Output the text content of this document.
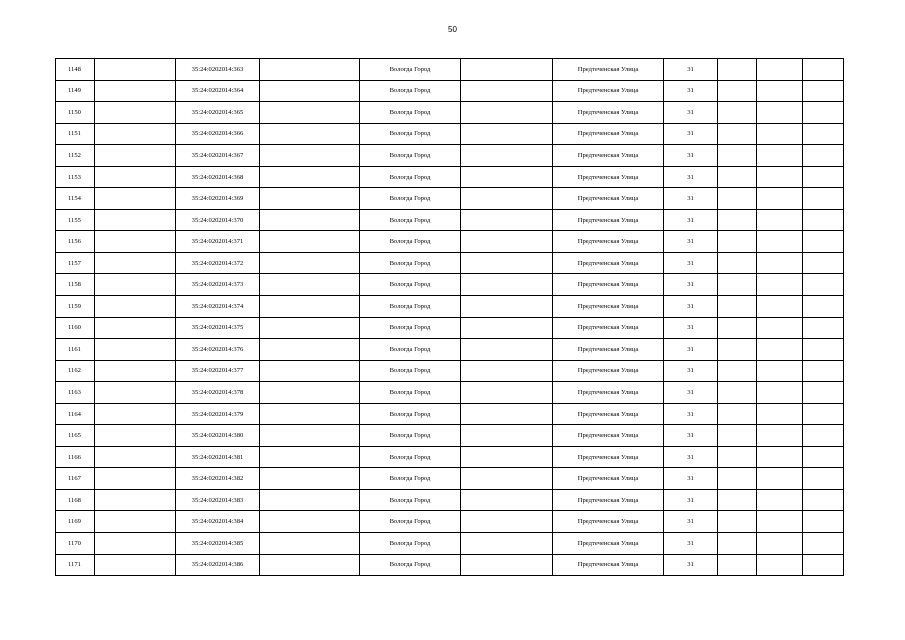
50
1148		35:24:0202014:363		Вологда Город		Предтеченская Улица	31			
1149		35:24:0202014:364		Вологда Город		Предтеченская Улица	31			
1150		35:24:0202014:365		Вологда Город		Предтеченская Улица	31			
1151		35:24:0202014:366		Вологда Город		Предтеченская Улица	31			
1152		35:24:0202014:367		Вологда Город		Предтеченская Улица	31			
1153		35:24:0202014:368		Вологда Город		Предтеченская Улица	31			
1154		35:24:0202014:369		Вологда Город		Предтеченская Улица	31			
1155		35:24:0202014:370		Вологда Город		Предтеченская Улица	31			
1156		35:24:0202014:371		Вологда Город		Предтеченская Улица	31			
1157		35:24:0202014:372		Вологда Город		Предтеченская Улица	31			
1158		35:24:0202014:373		Вологда Город		Предтеченская Улица	31			
1159		35:24:0202014:374		Вологда Город		Предтеченская Улица	31			
1160		35:24:0202014:375		Вологда Город		Предтеченская Улица	31			
1161		35:24:0202014:376		Вологда Город		Предтеченская Улица	31			
1162		35:24:0202014:377		Вологда Город		Предтеченская Улица	31			
1163		35:24:0202014:378		Вологда Город		Предтеченская Улица	31			
1164		35:24:0202014:379		Вологда Город		Предтеченская Улица	31			
1165		35:24:0202014:380		Вологда Город		Предтеченская Улица	31			
1166		35:24:0202014:381		Вологда Город		Предтеченская Улица	31			
1167		35:24:0202014:382		Вологда Город		Предтеченская Улица	31			
1168		35:24:0202014:383		Вологда Город		Предтеченская Улица	31			
1169		35:24:0202014:384		Вологда Город		Предтеченская Улица	31			
1170		35:24:0202014:385		Вологда Город		Предтеченская Улица	31			
1171		35:24:0202014:386		Вологда Город		Предтеченская Улица	31			
